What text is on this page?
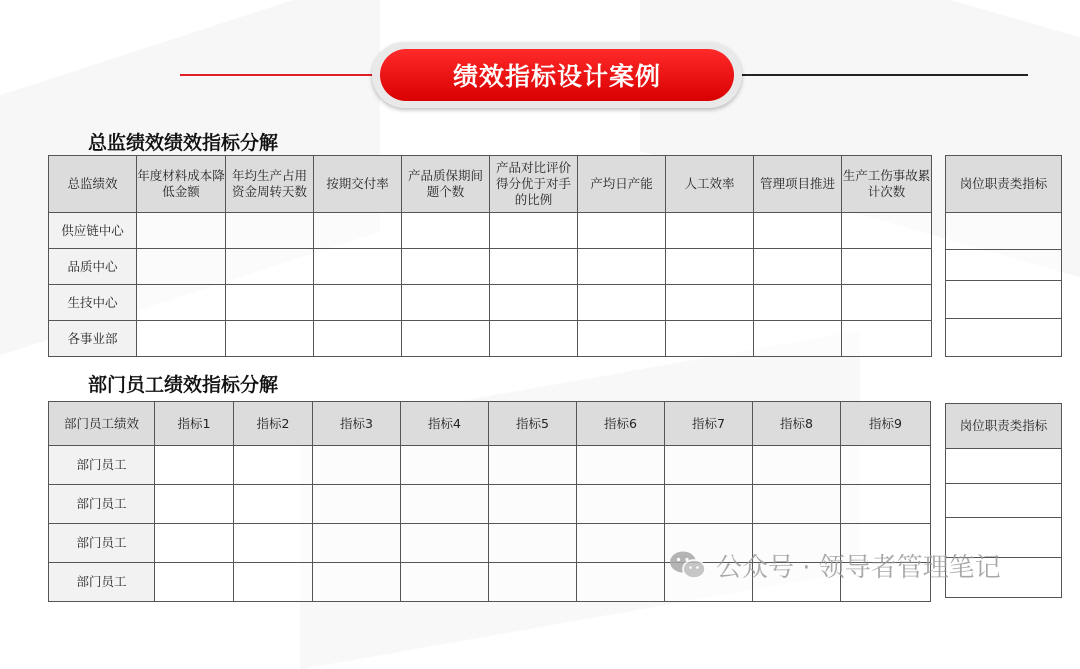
绩效指标设计案例
总监绩效绩效指标分解
总监绩效	年度材料成本降低金额	年均生产占用资金周转天数	按期交付率	产品质保期间题个数	产品对比评价得分优于对手的比例	产均日产能	人工效率	管理项目推进	生产工伤事故累计次数
供应链中心									
品质中心									
生技中心									
各事业部									
岗位职责类指标

部门员工绩效指标分解
部门员工绩效	指标1	指标2	指标3	指标4	指标5	指标6	指标7	指标8	指标9
部门员工									
部门员工									
部门员工									
部门员工									
岗位职责类指标

公众号 · 领导者管理笔记
